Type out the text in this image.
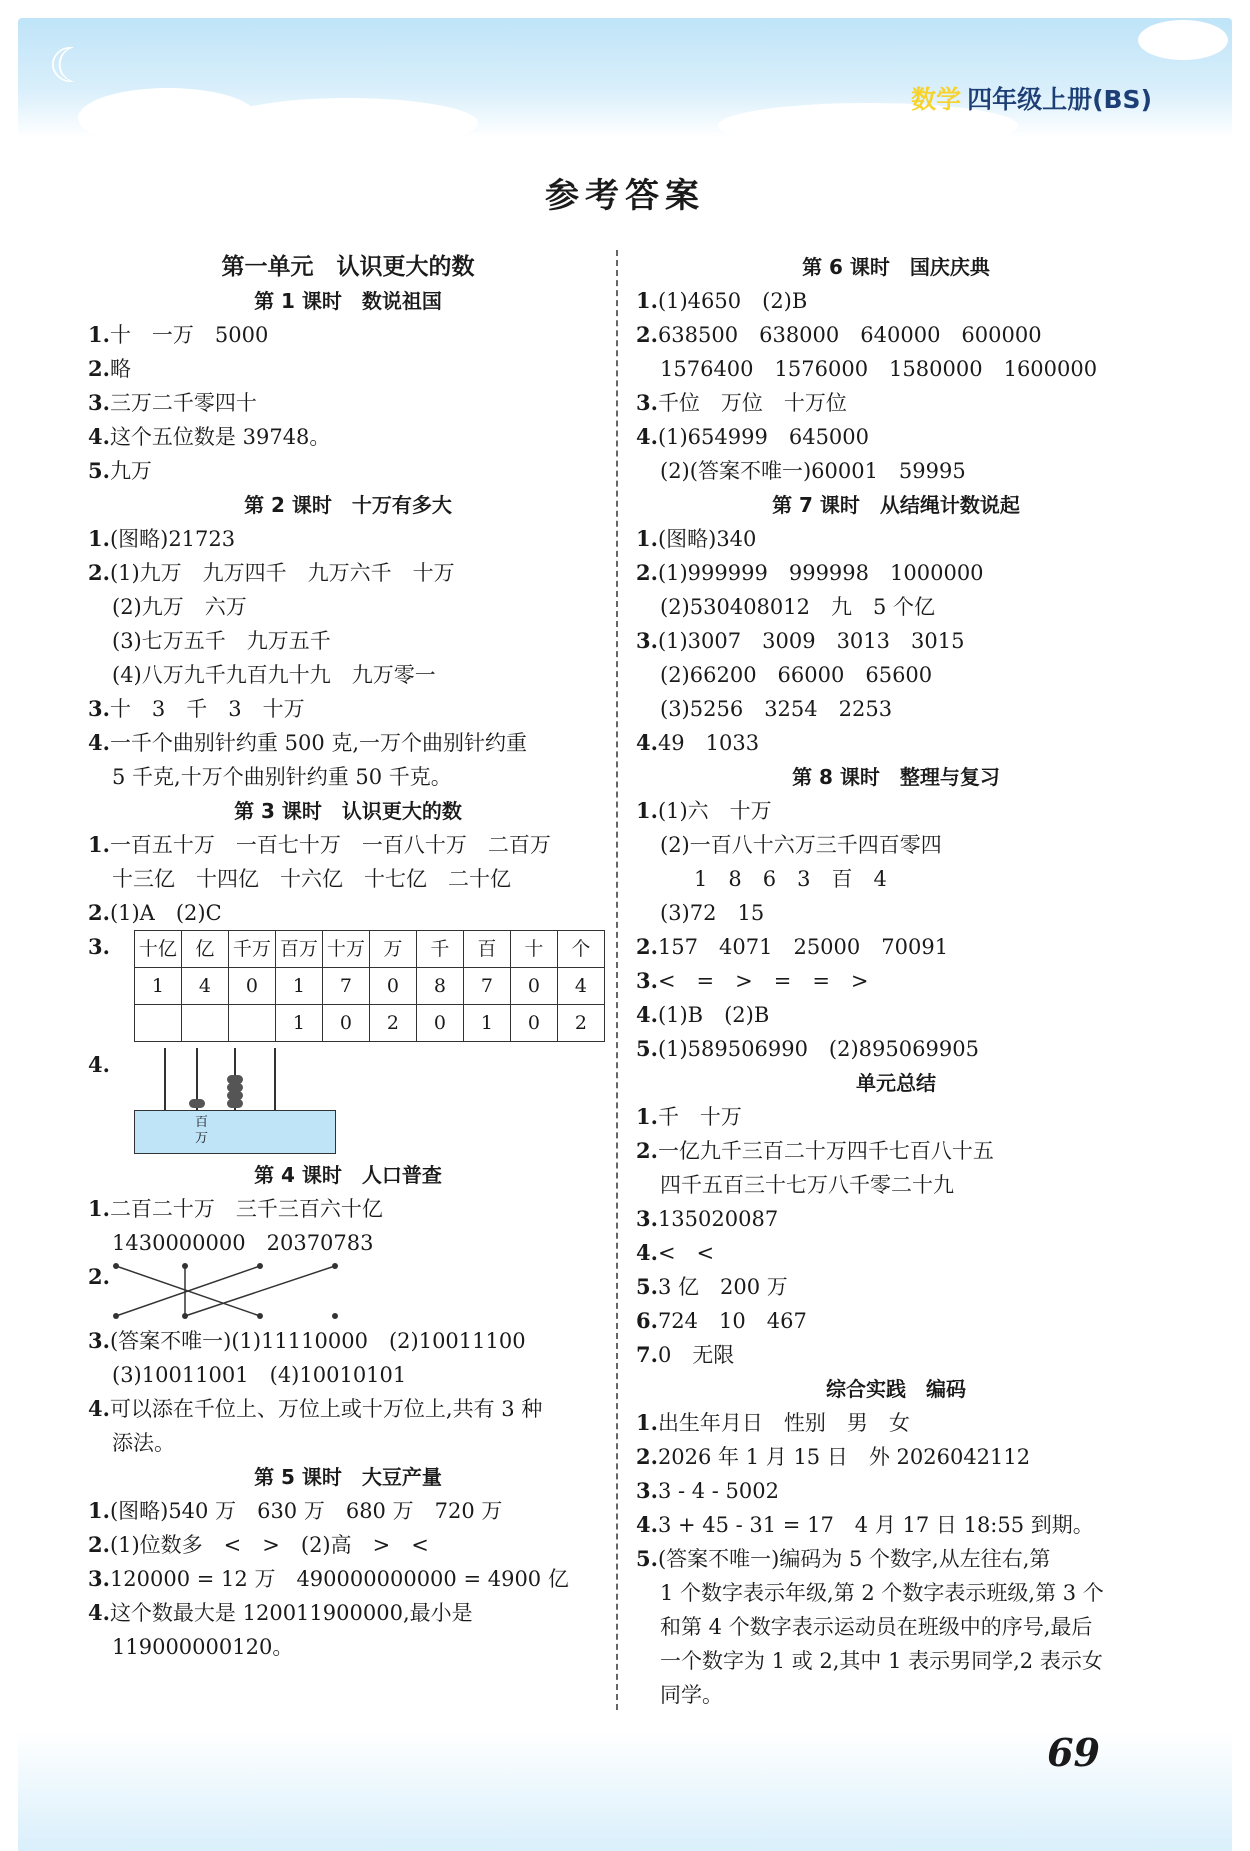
☾
数学 四年级上册(BS)
参考答案
第一单元　认识更大的数
第 1 课时　数说祖国
1.十　一万　5000
2.略
3.三万二千零四十
4.这个五位数是 39748。
5.九万
第 2 课时　十万有多大
1.(图略)21723
2.(1)九万　九万四千　九万六千　十万
(2)九万　六万
(3)七万五千　九万五千
(4)八万九千九百九十九　九万零一
3.十　3　千　3　十万
4.一千个曲别针约重 500 克,一万个曲别针约重
5 千克,十万个曲别针约重 50 千克。
第 3 课时　认识更大的数
1.一百五十万　一百七十万　一百八十万　二百万
十三亿　十四亿　十六亿　十七亿　二十亿
2.(1)A　(2)C
3. 十亿	亿	千万	百万	十万	万	千	百	十	个
1	4	0	1	7	0	8	7	0	4
			1	0	2	0	1	0	2
4.
百
万
第 4 课时　人口普查
1.二百二十万　三千三百六十亿
1430000000　20370783
2.
3.(答案不唯一)(1)11110000　(2)10011100
(3)10011001　(4)10010101
4.可以添在千位上、万位上或十万位上,共有 3 种
添法。
第 5 课时　大豆产量
1.(图略)540 万　630 万　680 万　720 万
2.(1)位数多　<　>　(2)高　>　<
3.120000 = 12 万　490000000000 = 4900 亿
4.这个数最大是 120011900000,最小是
119000000120。
第 6 课时　国庆庆典
1.(1)4650　(2)B
2.638500　638000　640000　600000
1576400　1576000　1580000　1600000
3.千位　万位　十万位
4.(1)654999　645000
(2)(答案不唯一)60001　59995
第 7 课时　从结绳计数说起
1.(图略)340
2.(1)999999　999998　1000000
(2)530408012　九　5 个亿
3.(1)3007　3009　3013　3015
(2)66200　66000　65600
(3)5256　3254　2253
4.49　1033
第 8 课时　整理与复习
1.(1)六　十万
(2)一百八十六万三千四百零四
1　8　6　3　百　4
(3)72　15
2.157　4071　25000　70091
3.<　=　>　=　=　>
4.(1)B　(2)B
5.(1)589506990　(2)895069905
单元总结
1.千　十万
2.一亿九千三百二十万四千七百八十五
四千五百三十七万八千零二十九
3.135020087
4.<　<
5.3 亿　200 万
6.724　10　467
7.0　无限
综合实践　编码
1.出生年月日　性别　男　女
2.2026 年 1 月 15 日　外 2026042112
3.3 - 4 - 5002
4.3 + 45 - 31 = 17　4 月 17 日 18:55 到期。
5.(答案不唯一)编码为 5 个数字,从左往右,第
1 个数字表示年级,第 2 个数字表示班级,第 3 个
和第 4 个数字表示运动员在班级中的序号,最后
一个数字为 1 或 2,其中 1 表示男同学,2 表示女
同学。
69
